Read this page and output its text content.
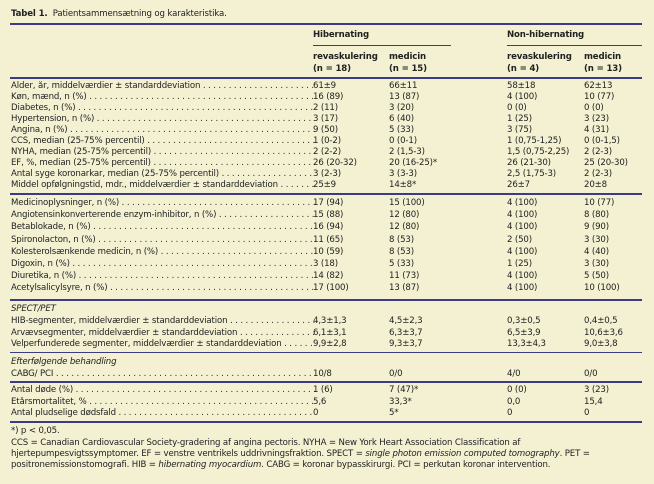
Tabel 1. Patientsammensætning og karakteristika.
Hibernating	Non-hibernating
revaskulering
(n = 18)
medicin
(n = 15)
revaskulering
(n = 4)
medicin
(n = 13)
Alder, år, middelværdier ± standarddeviation . . .	61±9	66±11	58±18	62±13
Køn, mænd, n (%) . . .	16 (89)	13 (87)	4 (100)	10 (77)
Diabetes, n (%) . . .	2 (11)	3 (20)	0 (0)	0 (0)
Hypertension, n (%) . . .	3 (17)	6 (40)	1 (25)	3 (23)
Angina, n (%) . . .	9 (50)	5 (33)	3 (75)	4 (31)
CCS, median (25-75% percentil) . . .	1 (0-2)	0 (0-1)	1 (0,75-1,25)	0 (0-1,5)
NYHA, median (25-75% percentil) . . .	2 (2-2)	2 (1,5-3)	1,5 (0,75-2,25) 2 (2-3)
EF, %, median (25-75% percentil) . . .	26 (20-32)	20 (16-25)*	26 (21-30)	25 (20-30)
Antal syge koronarkar, median (25-75% percentil) . . .	3 (2-3)	3 (3-3)	2,5 (1,75-3)	2 (2-3)
Middel opfølgningstid, mdr., middelværdier ± standarddeviation . . .	25±9	14±8*	26±7	20±8
Medicinoplysninger, n (%) . . .	17 (94)	15 (100)	4 (100)	10 (77)
Angiotensinkonverterende enzym-inhibitor, n (%) . . .	15 (88)	12 (80)	4 (100)	8 (80)
Betablokade, n (%) . . .	16 (94)	12 (80)	4 (100)	9 (90)
Spironolacton, n (%) . . .	11 (65)	8 (53)	2 (50)	3 (30)
Kolesterolsænkende medicin, n (%) . . .	10 (59)	8 (53)	4 (100)	4 (40)
Digoxin, n (%) . . .	3 (18)	5 (33)	1 (25)	3 (30)
Diuretika, n (%) . . .	14 (82)	11 (73)	4 (100)	5 (50)
Acetylsalicylsyre, n (%) . . .	17 (100)	13 (87)	4 (100)	10 (100)
SPECT/PET
HIB-segmenter, middelværdier ± standarddeviation . . .	4,3±1,3	4,5±2,3	0,3±0,5	0,4±0,5
Arvævsegmenter, middelværdier ± standarddeviation . . .	6,1±3,1	6,3±3,7	6,5±3,9	10,6±3,6
Velperfunderede segmenter, middelværdier ± standarddeviation . . .	9,9±2,8	9,3±3,7	13,3±4,3	9,0±3,8
Efterfølgende behandling
CABG/ PCI . . .	10/8	0/0	4/0	0/0
Antal døde (%) . . .	1 (6)	7 (47)*	0 (0)	3 (23)
Etårsmortalitet, % . . .	5,6	33,3*	0,0	15,4
Antal pludselige dødsfald . . .	0	5*	0	0
*) p < 0,05.
CCS = Canadian Cardiovascular Society-gradering af angina pectoris. NYHA = New York Heart Association Classification af hjertepumpesvigtssymptomer. EF = venstre ventrikels uddrivningsfraktion. SPECT = single photon emission computed tomography. PET = positronemissionstomografi. HIB = hibernating myocardium. CABG = koronar bypasskirurgi. PCI = perkutan koronar intervention.
